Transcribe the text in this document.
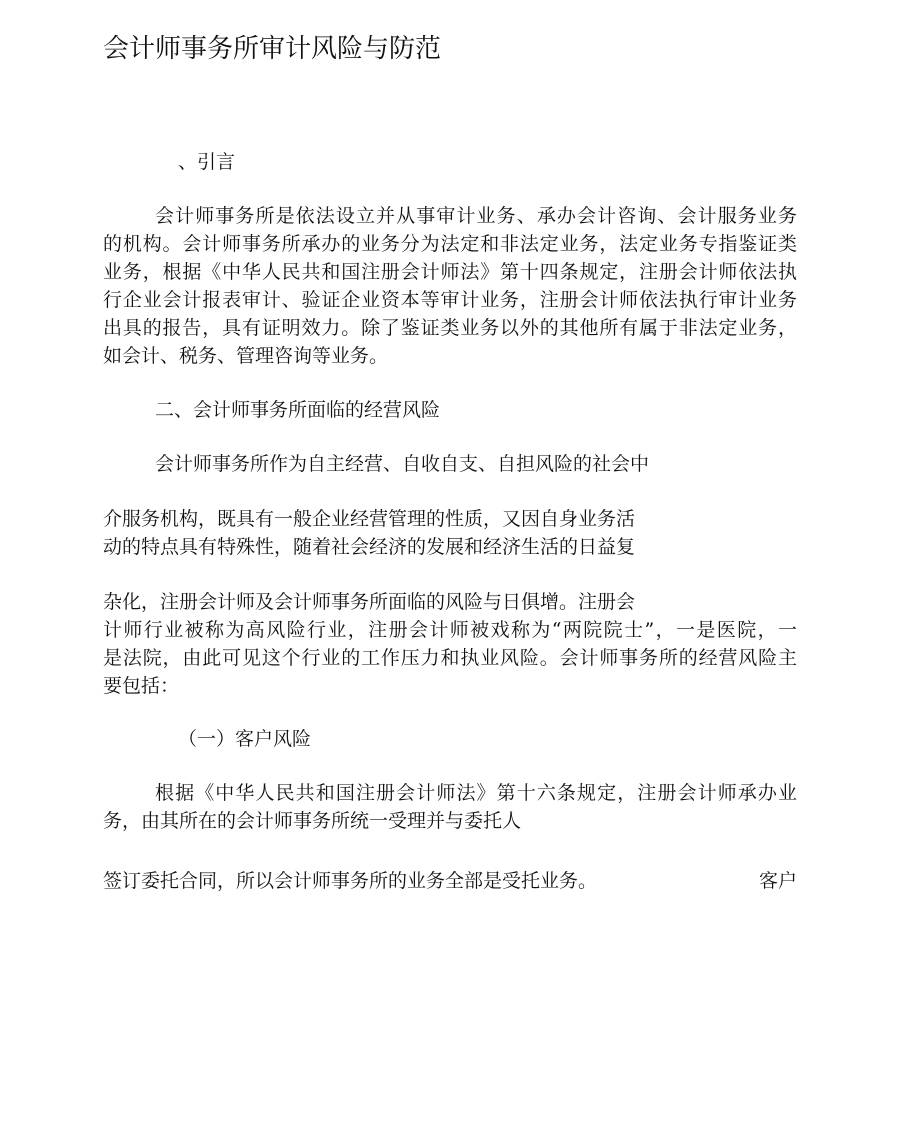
会计师事务所审计风险与防范
、引言
会计师事务所是依法设立并从事审计业务、承办会计咨询、会计服务业务
的机构。会计师事务所承办的业务分为法定和非法定业务，法定业务专指鉴证类
业务，根据《中华人民共和国注册会计师法》第十四条规定，注册会计师依法执
行企业会计报表审计、验证企业资本等审计业务，注册会计师依法执行审计业务
出具的报告，具有证明效力。除了鉴证类业务以外的其他所有属于非法定业务，
如会计、税务、管理咨询等业务。
二、会计师事务所面临的经营风险
会计师事务所作为自主经营、自收自支、自担风险的社会中
介服务机构，既具有一般企业经营管理的性质，又因自身业务活
动的特点具有特殊性，随着社会经济的发展和经济生活的日益复
杂化，注册会计师及会计师事务所面临的风险与日俱增。注册会
计师行业被称为高风险行业，注册会计师被戏称为“两院院士”，一是医院，一
是法院，由此可见这个行业的工作压力和执业风险。会计师事务所的经营风险主
要包括：
（一）客户风险
根据《中华人民共和国注册会计师法》第十六条规定，注册会计师承办业
务，由其所在的会计师事务所统一受理并与委托人
签订委托合同，所以会计师事务所的业务全部是受托业务。	客户
